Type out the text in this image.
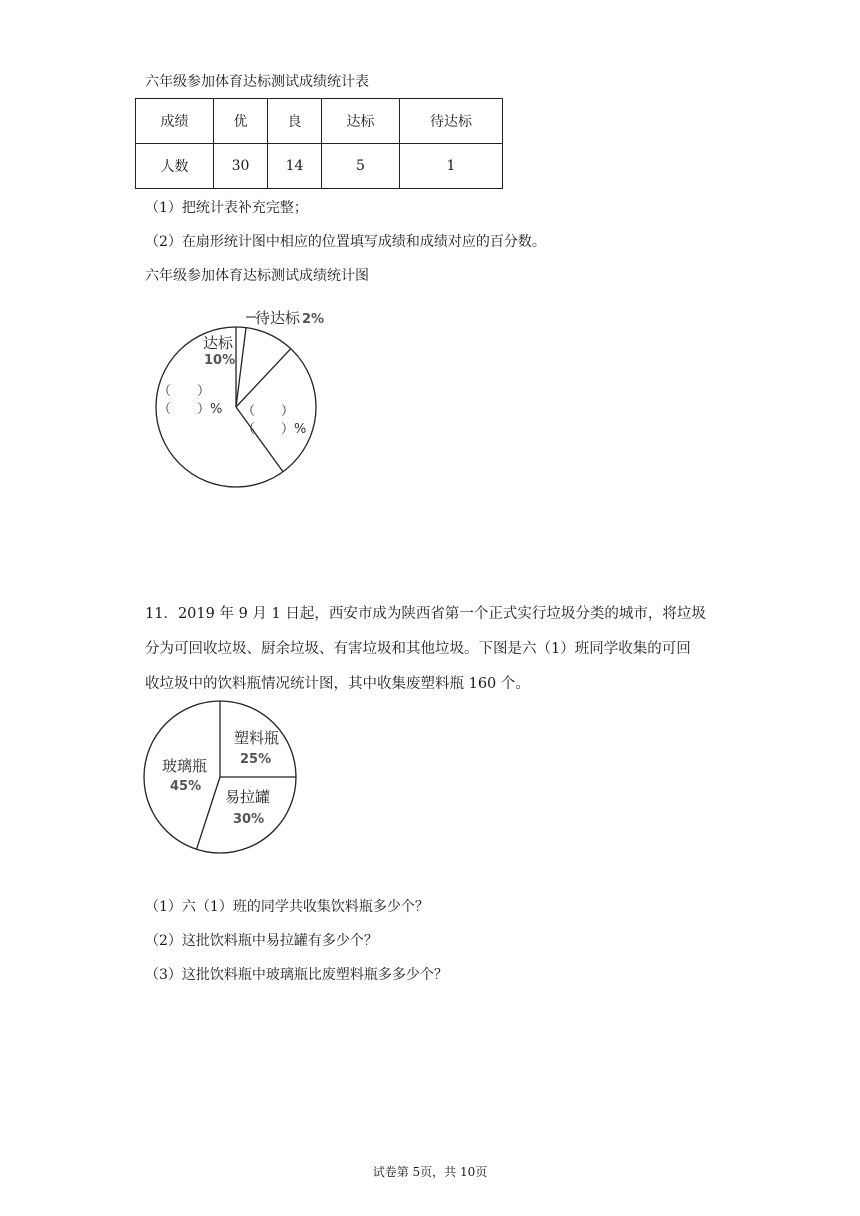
六年级参加体育达标测试成绩统计表
成绩	优	良	达标	待达标
人数	30	14	5	1
（1）把统计表补充完整；
（2）在扇形统计图中相应的位置填写成绩和成绩对应的百分数。
六年级参加体育达标测试成绩统计图
待达标 2%
达标
10%
（　　）
（　　）% （　　）
（　　）%
11．2019 年 9 月 1 日起，西安市成为陕西省第一个正式实行垃圾分类的城市，将垃圾
分为可回收垃圾、厨余垃圾、有害垃圾和其他垃圾。下图是六（1）班同学收集的可回
收垃圾中的饮料瓶情况统计图，其中收集废塑料瓶 160 个。
塑料瓶
25%
易拉罐
30%
玻璃瓶
45%
（1）六（1）班的同学共收集饮料瓶多少个？
（2）这批饮料瓶中易拉罐有多少个？
（3）这批饮料瓶中玻璃瓶比废塑料瓶多多少个？
试卷第 5页，共 10页
